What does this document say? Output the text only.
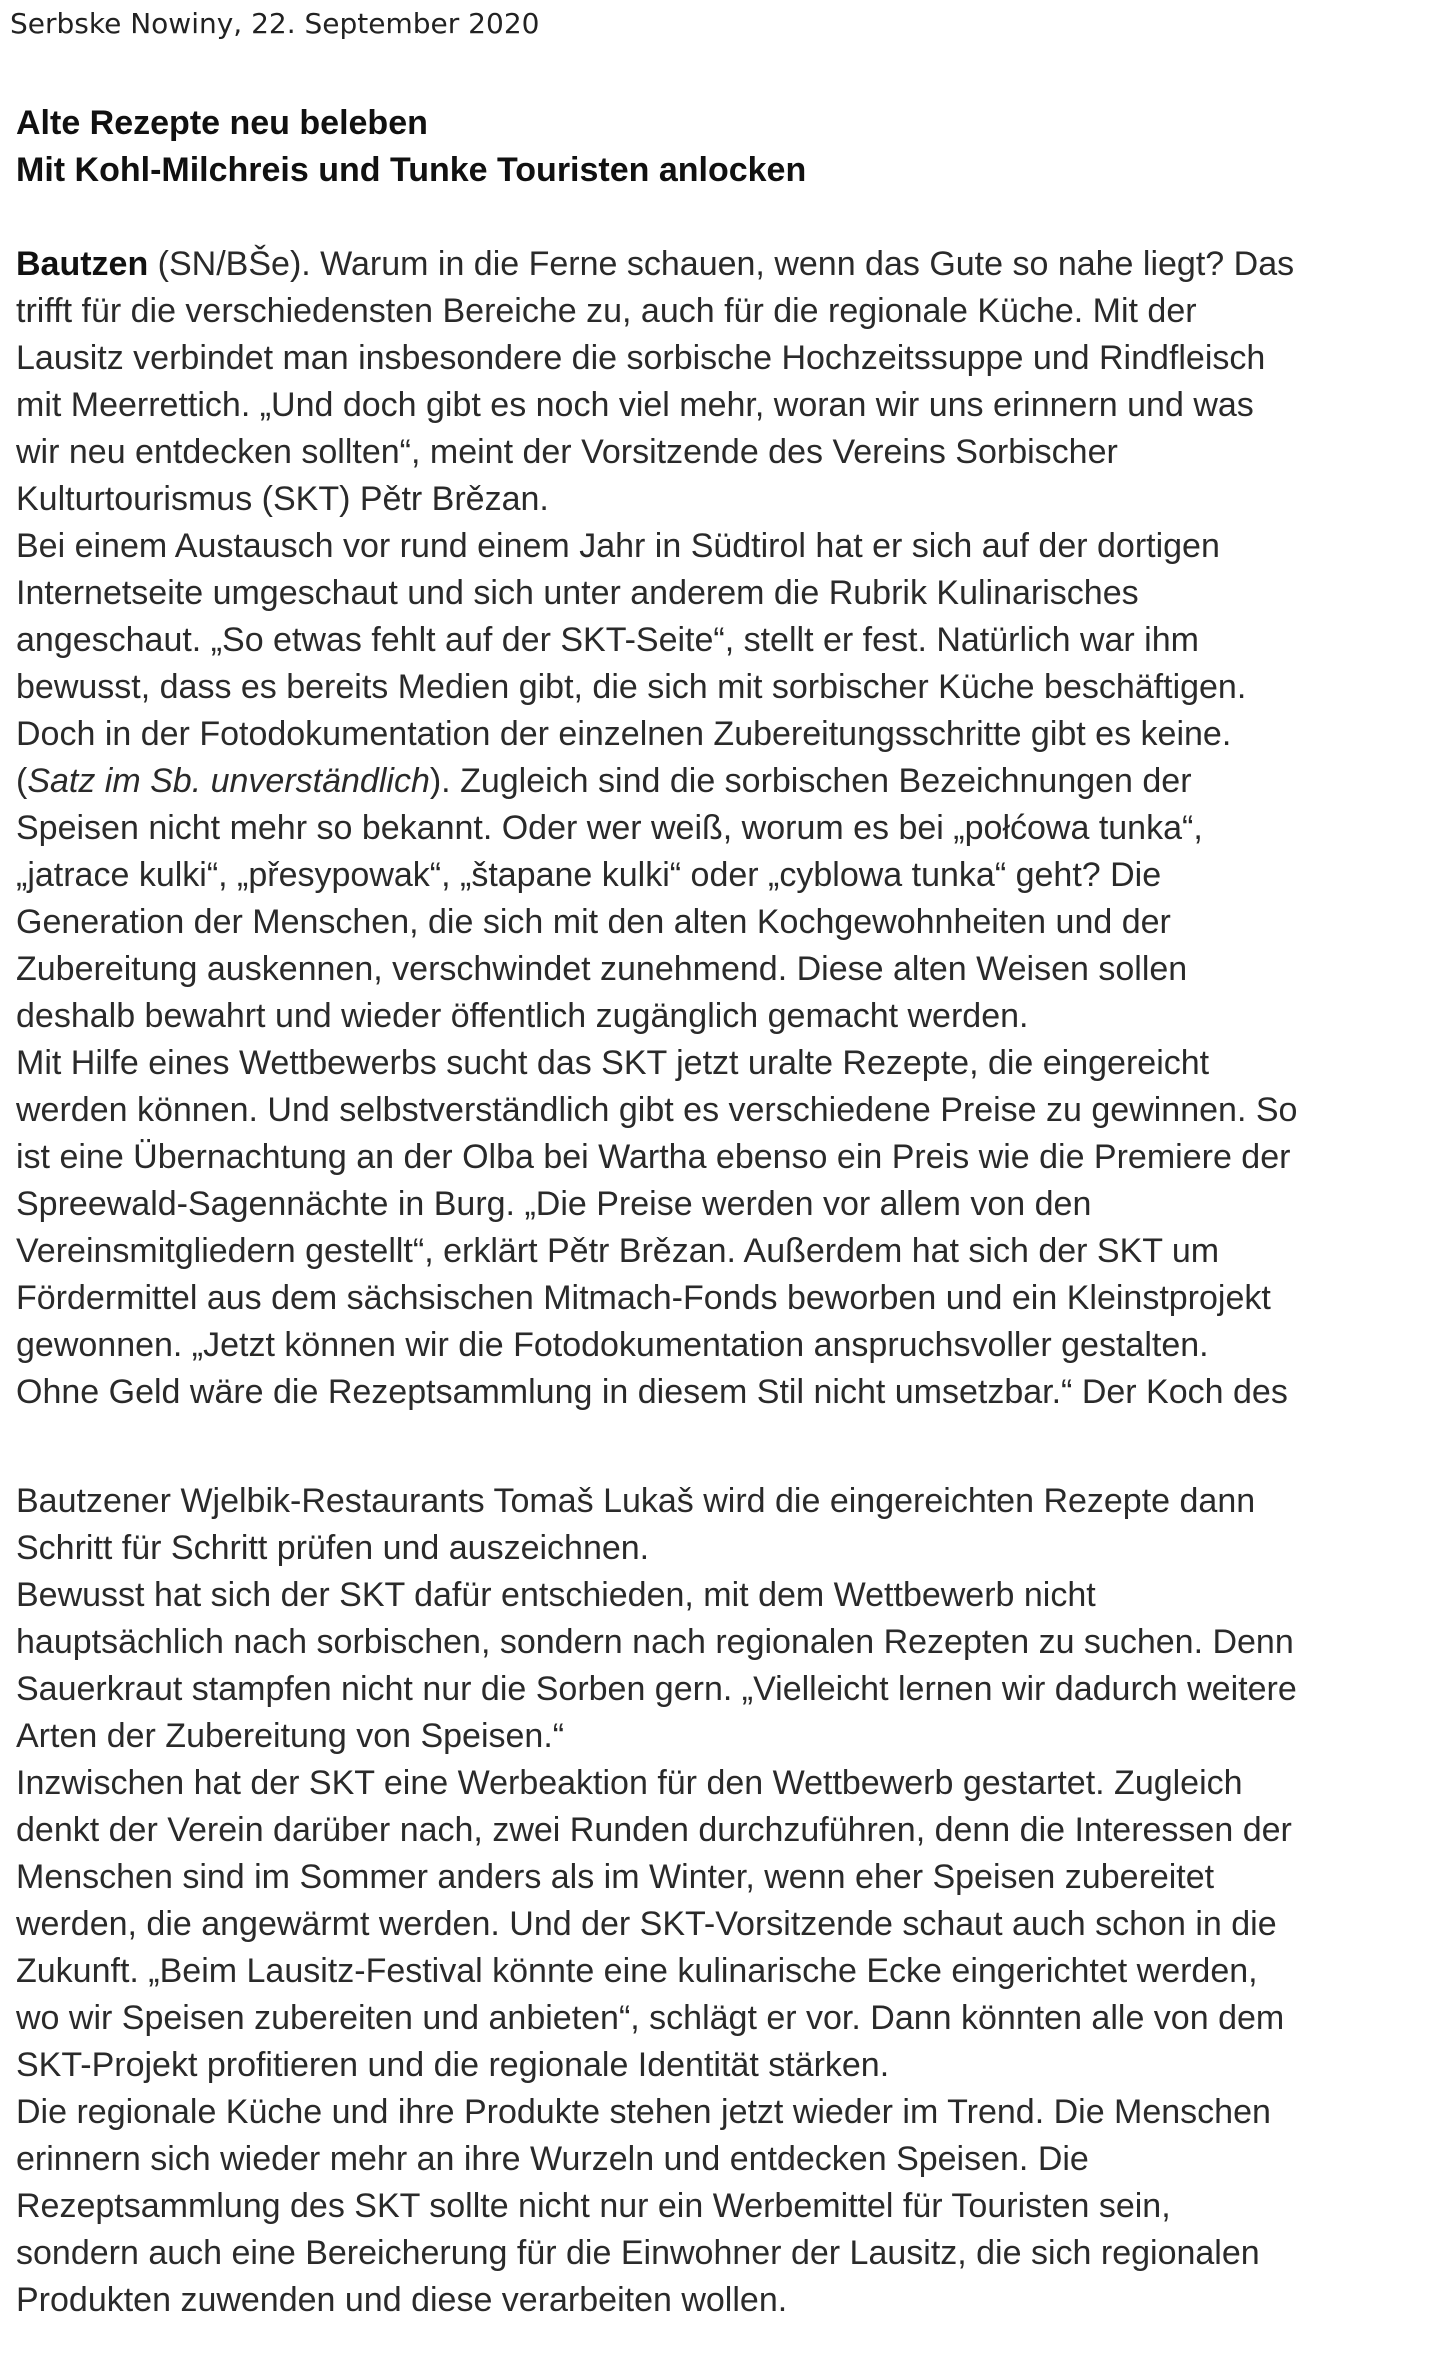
Serbske Nowiny, 22. September 2020
Alte Rezepte neu beleben
Mit Kohl-Milchreis und Tunke Touristen anlocken
Bautzen (SN/BŠe). Warum in die Ferne schauen, wenn das Gute so nahe liegt? Das
trifft für die verschiedensten Bereiche zu, auch für die regionale Küche. Mit der
Lausitz verbindet man insbesondere die sorbische Hochzeitssuppe und Rindfleisch
mit Meerrettich. „Und doch gibt es noch viel mehr, woran wir uns erinnern und was
wir neu entdecken sollten“, meint der Vorsitzende des Vereins Sorbischer
Kulturtourismus (SKT) Pětr Brězan.
Bei einem Austausch vor rund einem Jahr in Südtirol hat er sich auf der dortigen
Internetseite umgeschaut und sich unter anderem die Rubrik Kulinarisches
angeschaut. „So etwas fehlt auf der SKT-Seite“, stellt er fest. Natürlich war ihm
bewusst, dass es bereits Medien gibt, die sich mit sorbischer Küche beschäftigen.
Doch in der Fotodokumentation der einzelnen Zubereitungsschritte gibt es keine.
(Satz im Sb. unverständlich). Zugleich sind die sorbischen Bezeichnungen der
Speisen nicht mehr so bekannt. Oder wer weiß, worum es bei „połćowa tunka“,
„jatrace kulki“, „přesypowak“, „štapane kulki“ oder „cyblowa tunka“ geht? Die
Generation der Menschen, die sich mit den alten Kochgewohnheiten und der
Zubereitung auskennen, verschwindet zunehmend. Diese alten Weisen sollen
deshalb bewahrt und wieder öffentlich zugänglich gemacht werden.
Mit Hilfe eines Wettbewerbs sucht das SKT jetzt uralte Rezepte, die eingereicht
werden können. Und selbstverständlich gibt es verschiedene Preise zu gewinnen. So
ist eine Übernachtung an der Olba bei Wartha ebenso ein Preis wie die Premiere der
Spreewald-Sagennächte in Burg. „Die Preise werden vor allem von den
Vereinsmitgliedern gestellt“, erklärt Pětr Brězan. Außerdem hat sich der SKT um
Fördermittel aus dem sächsischen Mitmach-Fonds beworben und ein Kleinstprojekt
gewonnen. „Jetzt können wir die Fotodokumentation anspruchsvoller gestalten.
Ohne Geld wäre die Rezeptsammlung in diesem Stil nicht umsetzbar.“ Der Koch des
Bautzener Wjelbik-Restaurants Tomaš Lukaš wird die eingereichten Rezepte dann
Schritt für Schritt prüfen und auszeichnen.
Bewusst hat sich der SKT dafür entschieden, mit dem Wettbewerb nicht
hauptsächlich nach sorbischen, sondern nach regionalen Rezepten zu suchen. Denn
Sauerkraut stampfen nicht nur die Sorben gern. „Vielleicht lernen wir dadurch weitere
Arten der Zubereitung von Speisen.“
Inzwischen hat der SKT eine Werbeaktion für den Wettbewerb gestartet. Zugleich
denkt der Verein darüber nach, zwei Runden durchzuführen, denn die Interessen der
Menschen sind im Sommer anders als im Winter, wenn eher Speisen zubereitet
werden, die angewärmt werden. Und der SKT-Vorsitzende schaut auch schon in die
Zukunft. „Beim Lausitz-Festival könnte eine kulinarische Ecke eingerichtet werden,
wo wir Speisen zubereiten und anbieten“, schlägt er vor. Dann könnten alle von dem
SKT-Projekt profitieren und die regionale Identität stärken.
Die regionale Küche und ihre Produkte stehen jetzt wieder im Trend. Die Menschen
erinnern sich wieder mehr an ihre Wurzeln und entdecken Speisen. Die
Rezeptsammlung des SKT sollte nicht nur ein Werbemittel für Touristen sein,
sondern auch eine Bereicherung für die Einwohner der Lausitz, die sich regionalen
Produkten zuwenden und diese verarbeiten wollen.
